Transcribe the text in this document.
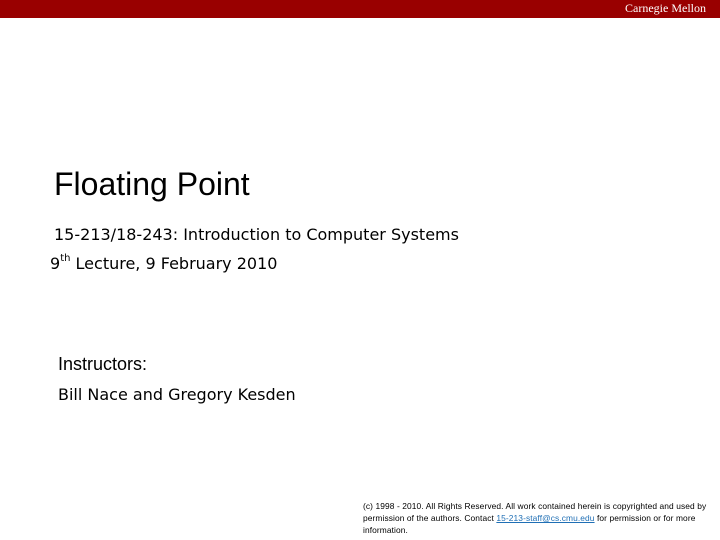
Carnegie Mellon
Floating Point
15-213/18-243: Introduction to Computer Systems
9th Lecture, 9 February 2010
Instructors:
Bill Nace and Gregory Kesden
(c) 1998 - 2010. All Rights Reserved. All work contained herein is copyrighted and used by permission of the authors. Contact 15-213-staff@cs.cmu.edu for permission or for more information.
